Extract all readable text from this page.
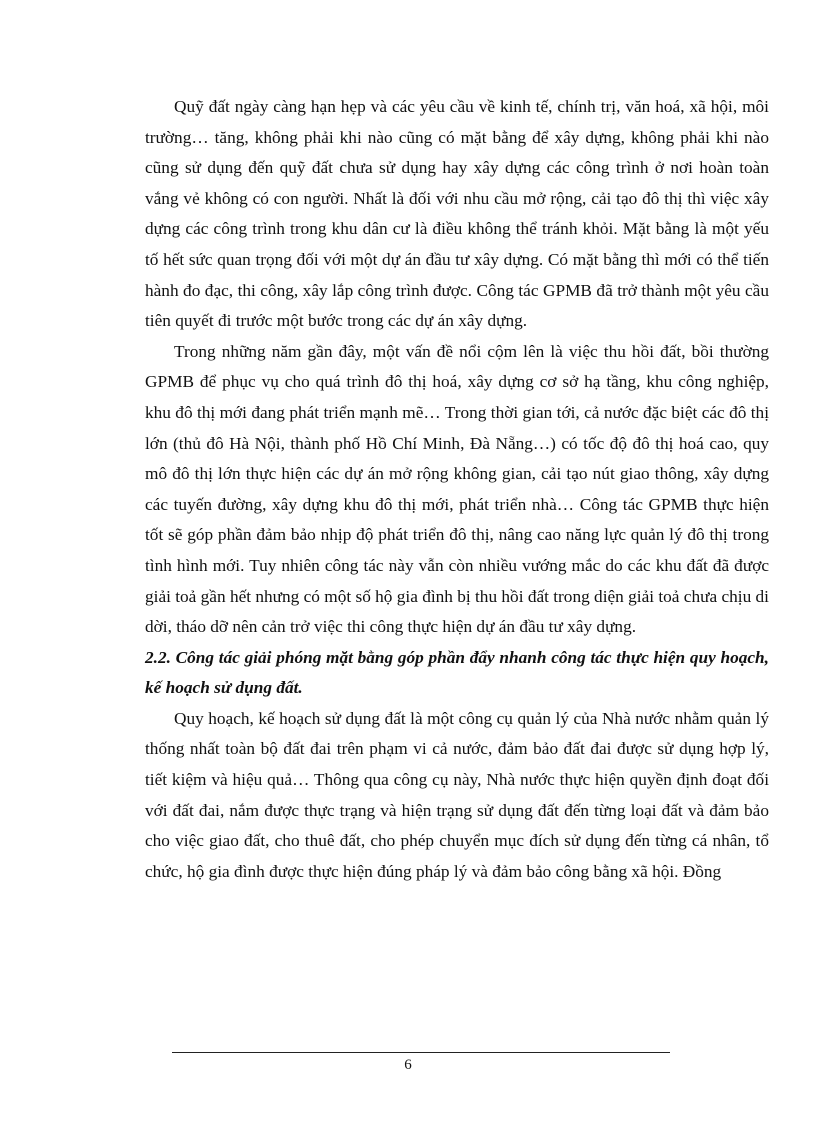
Quỹ đất ngày càng hạn hẹp và các yêu cầu về kinh tế, chính trị, văn hoá, xã hội, môi trường… tăng, không phải khi nào cũng có mặt bằng để xây dựng, không phải khi nào cũng sử dụng đến quỹ đất chưa sử dụng hay xây dựng các công trình ở nơi hoàn toàn vắng vẻ không có con người. Nhất là đối với nhu cầu mở rộng, cải tạo đô thị thì việc xây dựng các công trình trong khu dân cư là điều không thể tránh khỏi. Mặt bằng là một yếu tố hết sức quan trọng đối với một dự án đầu tư xây dựng. Có mặt bằng thì mới có thể tiến hành đo đạc, thi công, xây lắp công trình được. Công tác GPMB đã trở thành một yêu cầu tiên quyết đi trước một bước trong các dự án xây dựng.

Trong những năm gần đây, một vấn đề nổi cộm lên là việc thu hồi đất, bồi thường GPMB để phục vụ cho quá trình đô thị hoá, xây dựng cơ sở hạ tầng, khu công nghiệp, khu đô thị mới đang phát triển mạnh mẽ… Trong thời gian tới, cả nước đặc biệt các đô thị lớn (thủ đô Hà Nội, thành phố Hồ Chí Minh, Đà Nẵng…) có tốc độ đô thị hoá cao, quy mô đô thị lớn thực hiện các dự án mở rộng không gian, cải tạo nút giao thông, xây dựng các tuyến đường, xây dựng khu đô thị mới, phát triển nhà… Công tác GPMB thực hiện tốt sẽ góp phần đảm bảo nhịp độ phát triển đô thị, nâng cao năng lực quản lý đô thị trong tình hình mới. Tuy nhiên công tác này vẫn còn nhiều vướng mắc do các khu đất đã được giải toả gần hết nhưng có một số hộ gia đình bị thu hồi đất trong diện giải toả chưa chịu di dời, tháo dỡ nên cản trở việc thi công thực hiện dự án đầu tư xây dựng.

2.2. Công tác giải phóng mặt bằng góp phần đẩy nhanh công tác thực hiện quy hoạch, kế hoạch sử dụng đất.

Quy hoạch, kế hoạch sử dụng đất là một công cụ quản lý của Nhà nước nhằm quản lý thống nhất toàn bộ đất đai trên phạm vi cả nước, đảm bảo đất đai được sử dụng hợp lý, tiết kiệm và hiệu quả… Thông qua công cụ này, Nhà nước thực hiện quyền định đoạt đối với đất đai, nắm được thực trạng và hiện trạng sử dụng đất đến từng loại đất và đảm bảo cho việc giao đất, cho thuê đất, cho phép chuyển mục đích sử dụng đến từng cá nhân, tổ chức, hộ gia đình được thực hiện đúng pháp lý và đảm bảo công bằng xã hội. Đồng

6
